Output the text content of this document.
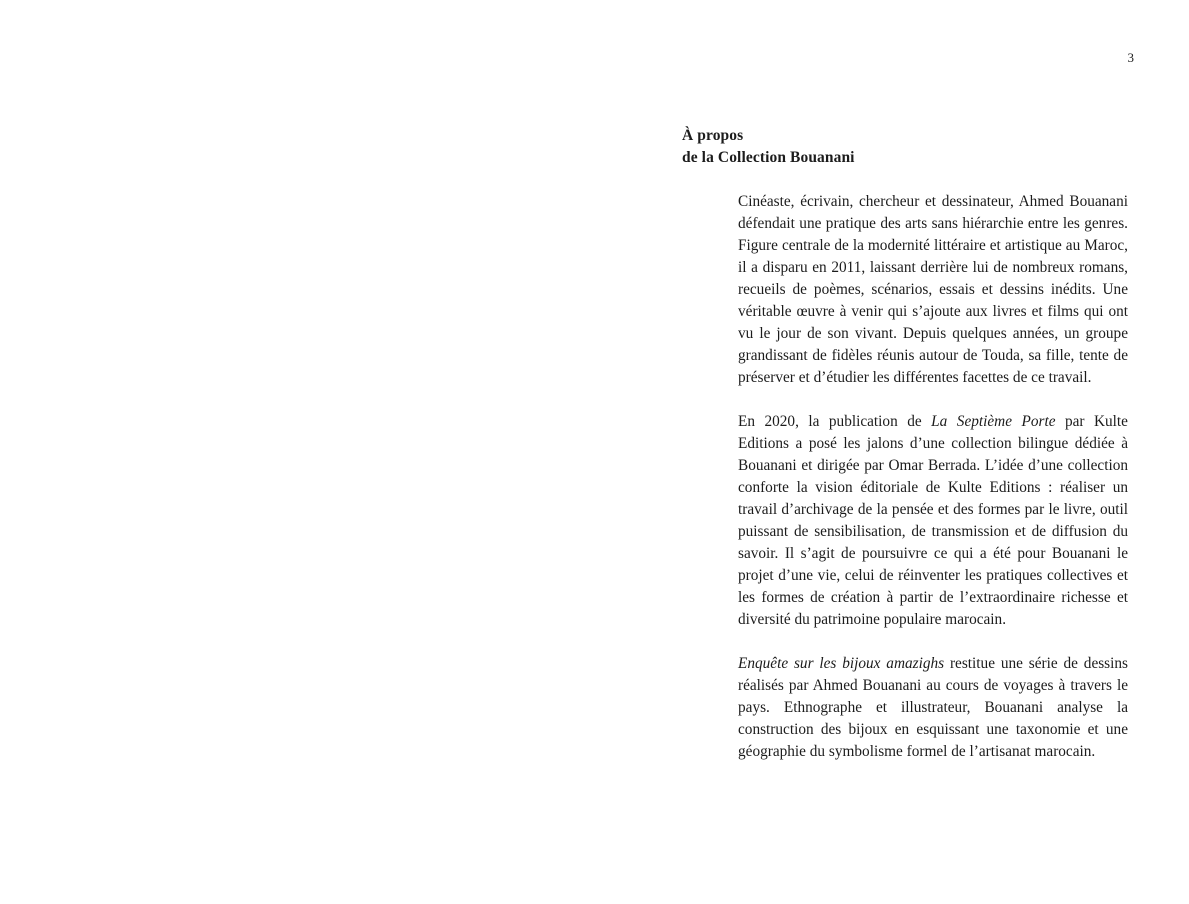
3
À propos
de la Collection Bouanani

Cinéaste, écrivain, chercheur et dessinateur, Ahmed Bouanani défendait une pratique des arts sans hiérarchie entre les genres. Figure centrale de la modernité littéraire et artistique au Maroc, il a disparu en 2011, laissant derrière lui de nombreux romans, recueils de poèmes, scénarios, essais et dessins inédits. Une véritable œuvre à venir qui s’ajoute aux livres et films qui ont vu le jour de son vivant. Depuis quelques années, un groupe grandissant de fidèles réunis autour de Touda, sa fille, tente de préserver et d’étudier les différentes facettes de ce travail.

En 2020, la publication de La Septième Porte par Kulte Editions a posé les jalons d’une collection bilingue dédiée à Bouanani et dirigée par Omar Berrada. L’idée d’une collection conforte la vision éditoriale de Kulte Editions : réaliser un travail d’archivage de la pensée et des formes par le livre, outil puissant de sensibilisation, de transmission et de diffusion du savoir. Il s’agit de poursuivre ce qui a été pour Bouanani le projet d’une vie, celui de réinventer les pratiques collectives et les formes de création à partir de l’extraordinaire richesse et diversité du patrimoine populaire marocain.

Enquête sur les bijoux amazighs restitue une série de dessins réalisés par Ahmed Bouanani au cours de voyages à travers le pays. Ethnographe et illustrateur, Bouanani analyse la construction des bijoux en esquissant une taxonomie et une géographie du symbolisme formel de l’artisanat marocain.
